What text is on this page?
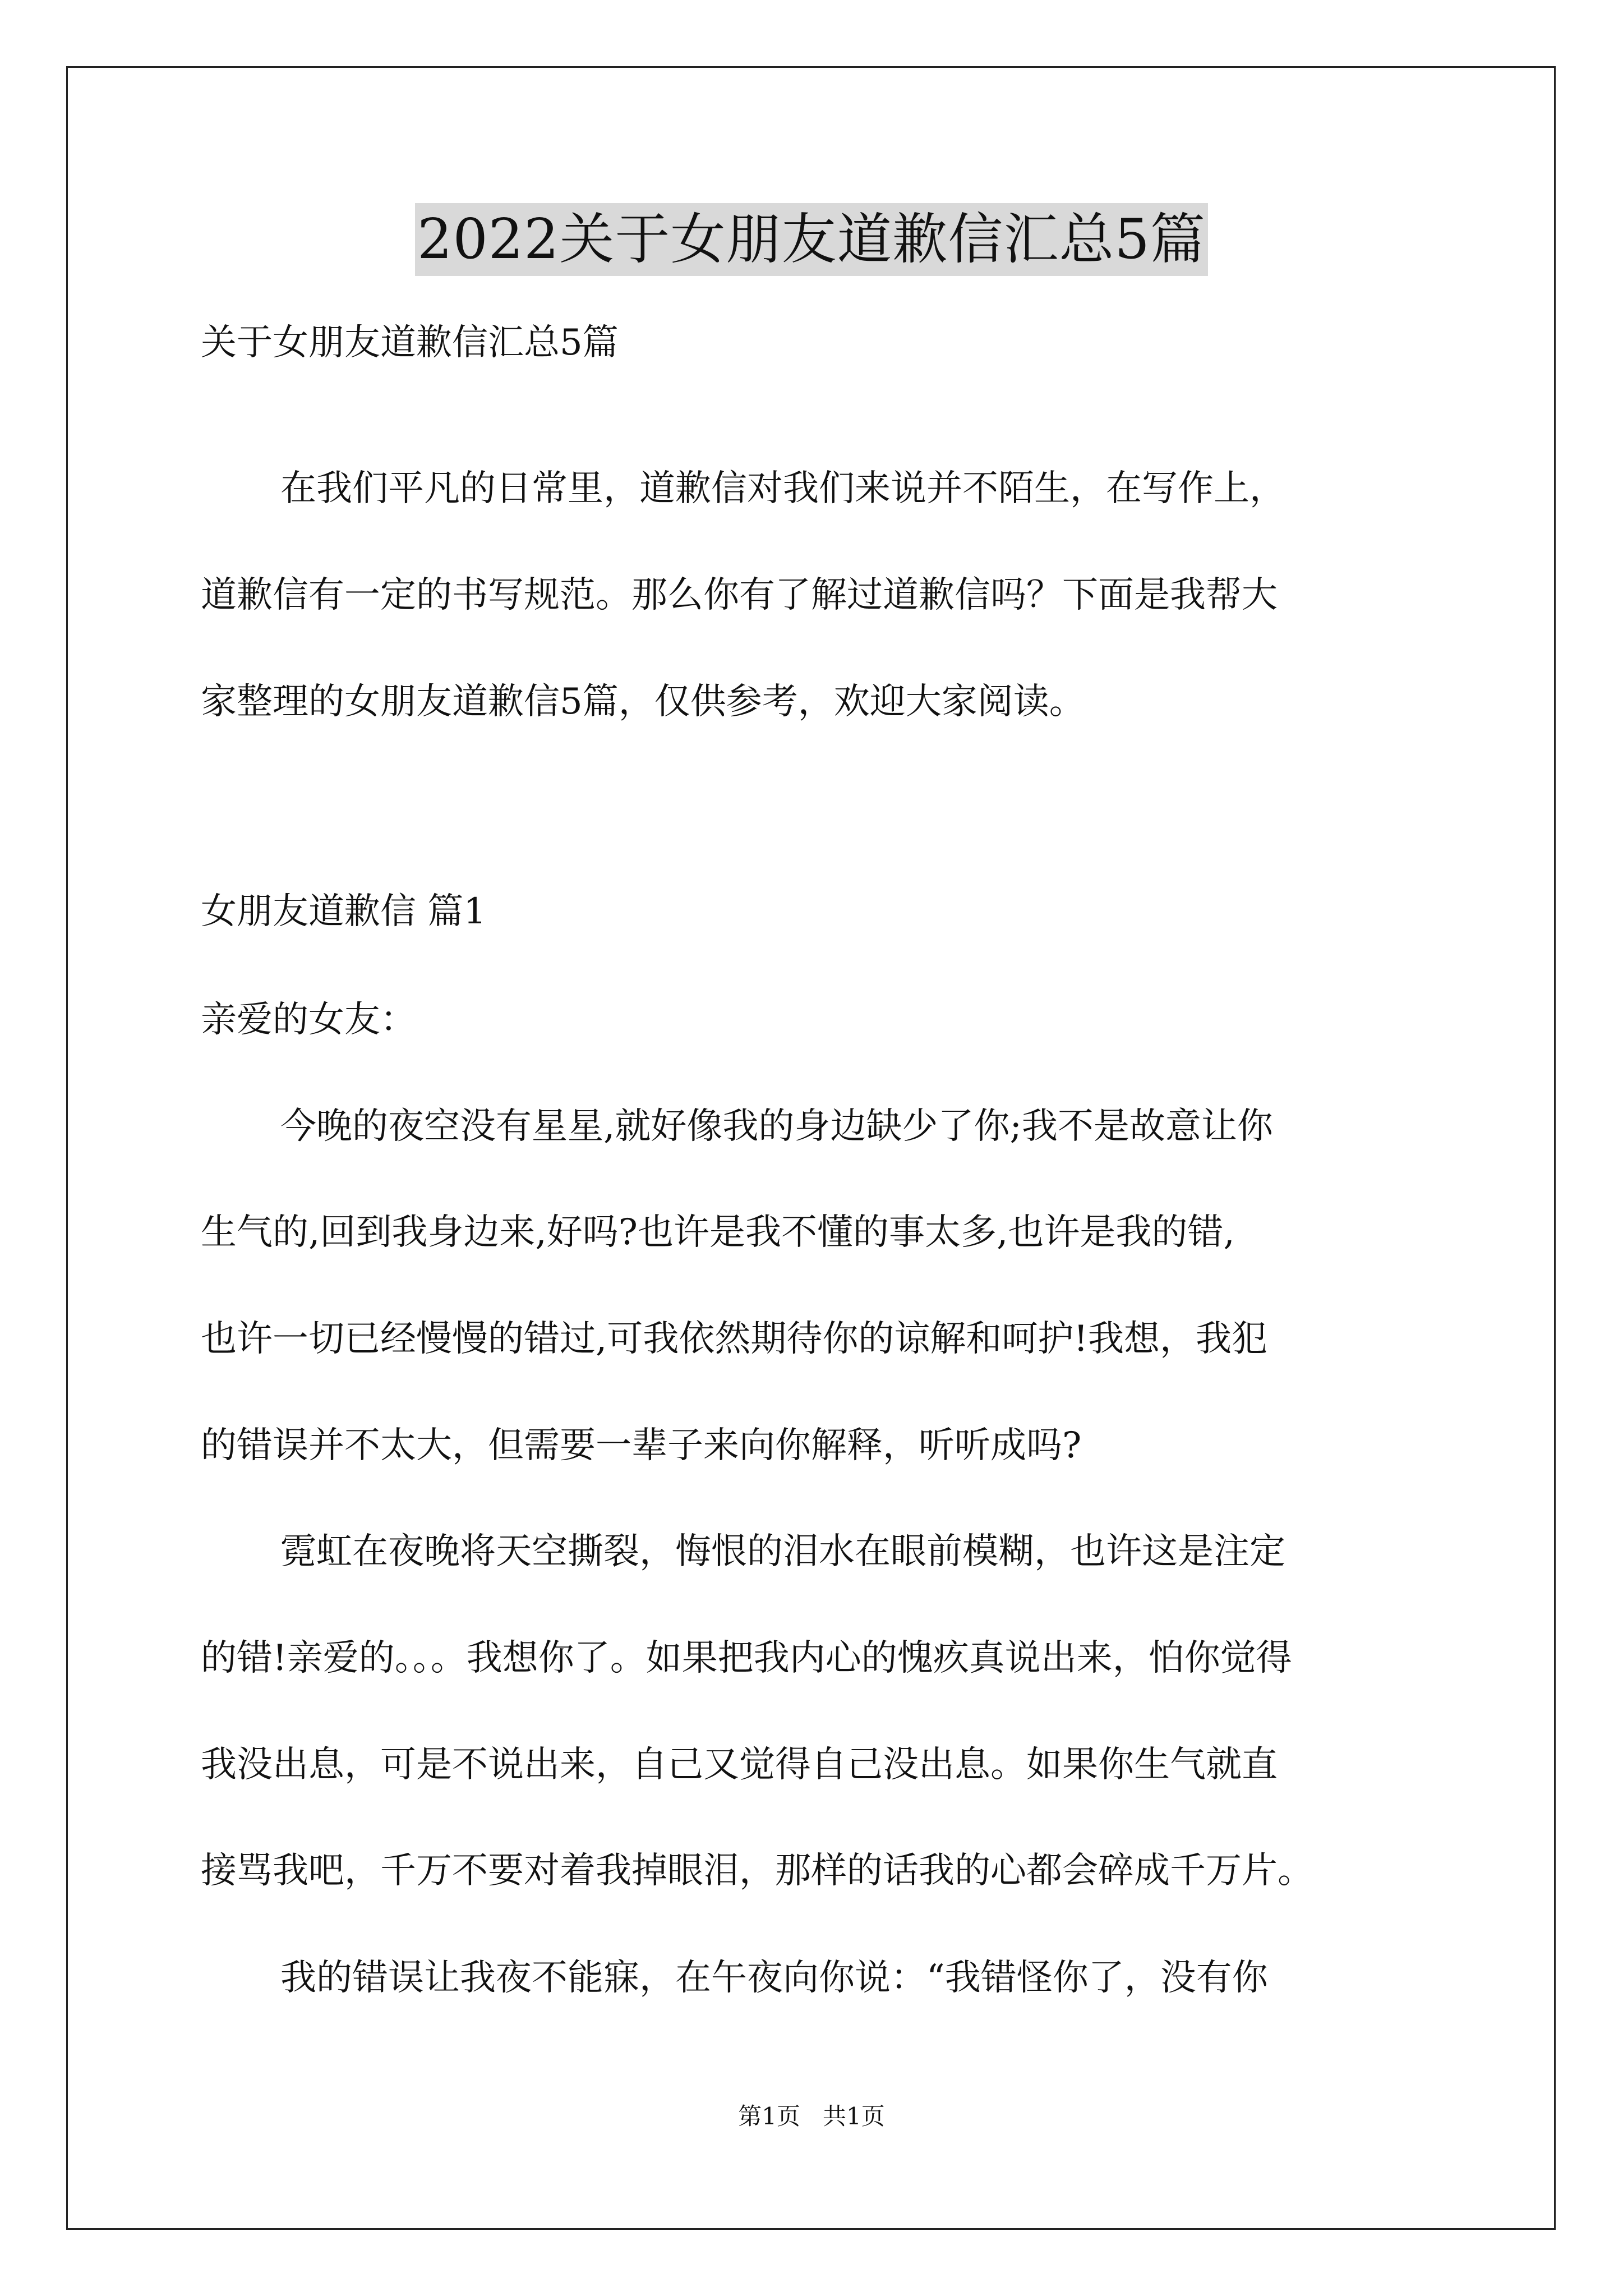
2022关于女朋友道歉信汇总5篇
关于女朋友道歉信汇总5篇
在我们平凡的日常里，道歉信对我们来说并不陌生，在写作上，
道歉信有一定的书写规范。那么你有了解过道歉信吗？下面是我帮大
家整理的女朋友道歉信5篇，仅供参考，欢迎大家阅读。
女朋友道歉信 篇1
亲爱的女友：
今晚的夜空没有星星,就好像我的身边缺少了你;我不是故意让你
生气的,回到我身边来,好吗?也许是我不懂的事太多,也许是我的错,
也许一切已经慢慢的错过,可我依然期待你的谅解和呵护!我想，我犯
的错误并不太大，但需要一辈子来向你解释，听听成吗?
霓虹在夜晚将天空撕裂，悔恨的泪水在眼前模糊，也许这是注定
的错!亲爱的。。。我想你了。如果把我内心的愧疚真说出来，怕你觉得
我没出息，可是不说出来，自己又觉得自己没出息。如果你生气就直
接骂我吧，千万不要对着我掉眼泪，那样的话我的心都会碎成千万片。
我的错误让我夜不能寐，在午夜向你说：“我错怪你了，没有你
第1页 共1页
